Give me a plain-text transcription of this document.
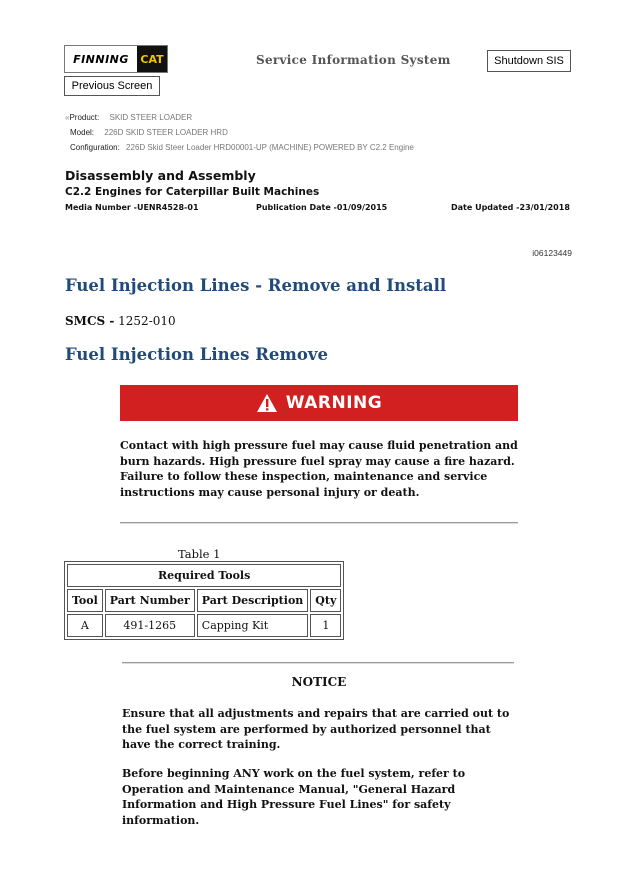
FINNING	CAT	Service Information System	Shutdown SIS
Previous Screen
«Product: SKID STEER LOADER
Model: 226D SKID STEER LOADER HRD
Configuration: 226D Skid Steer Loader HRD00001-UP (MACHINE) POWERED BY C2.2 Engine
Disassembly and Assembly
C2.2 Engines for Caterpillar Built Machines
Media Number -UENR4528-01	Publication Date -01/09/2015	Date Updated -23/01/2018
i06123449
Fuel Injection Lines - Remove and Install
SMCS - 1252-010
Fuel Injection Lines Remove
WARNING
Contact with high pressure fuel may cause fluid penetration and burn hazards. High pressure fuel spray may cause a fire hazard. Failure to follow these inspection, maintenance and service instructions may cause personal injury or death.
Table 1
Required Tools			
Tool	Part Number	Part Description	Qty
A	491-1265	Capping Kit	1
NOTICE
Ensure that all adjustments and repairs that are carried out to the fuel system are performed by authorized personnel that have the correct training.
Before beginning ANY work on the fuel system, refer to Operation and Maintenance Manual, "General Hazard Information and High Pressure Fuel Lines" for safety information.
